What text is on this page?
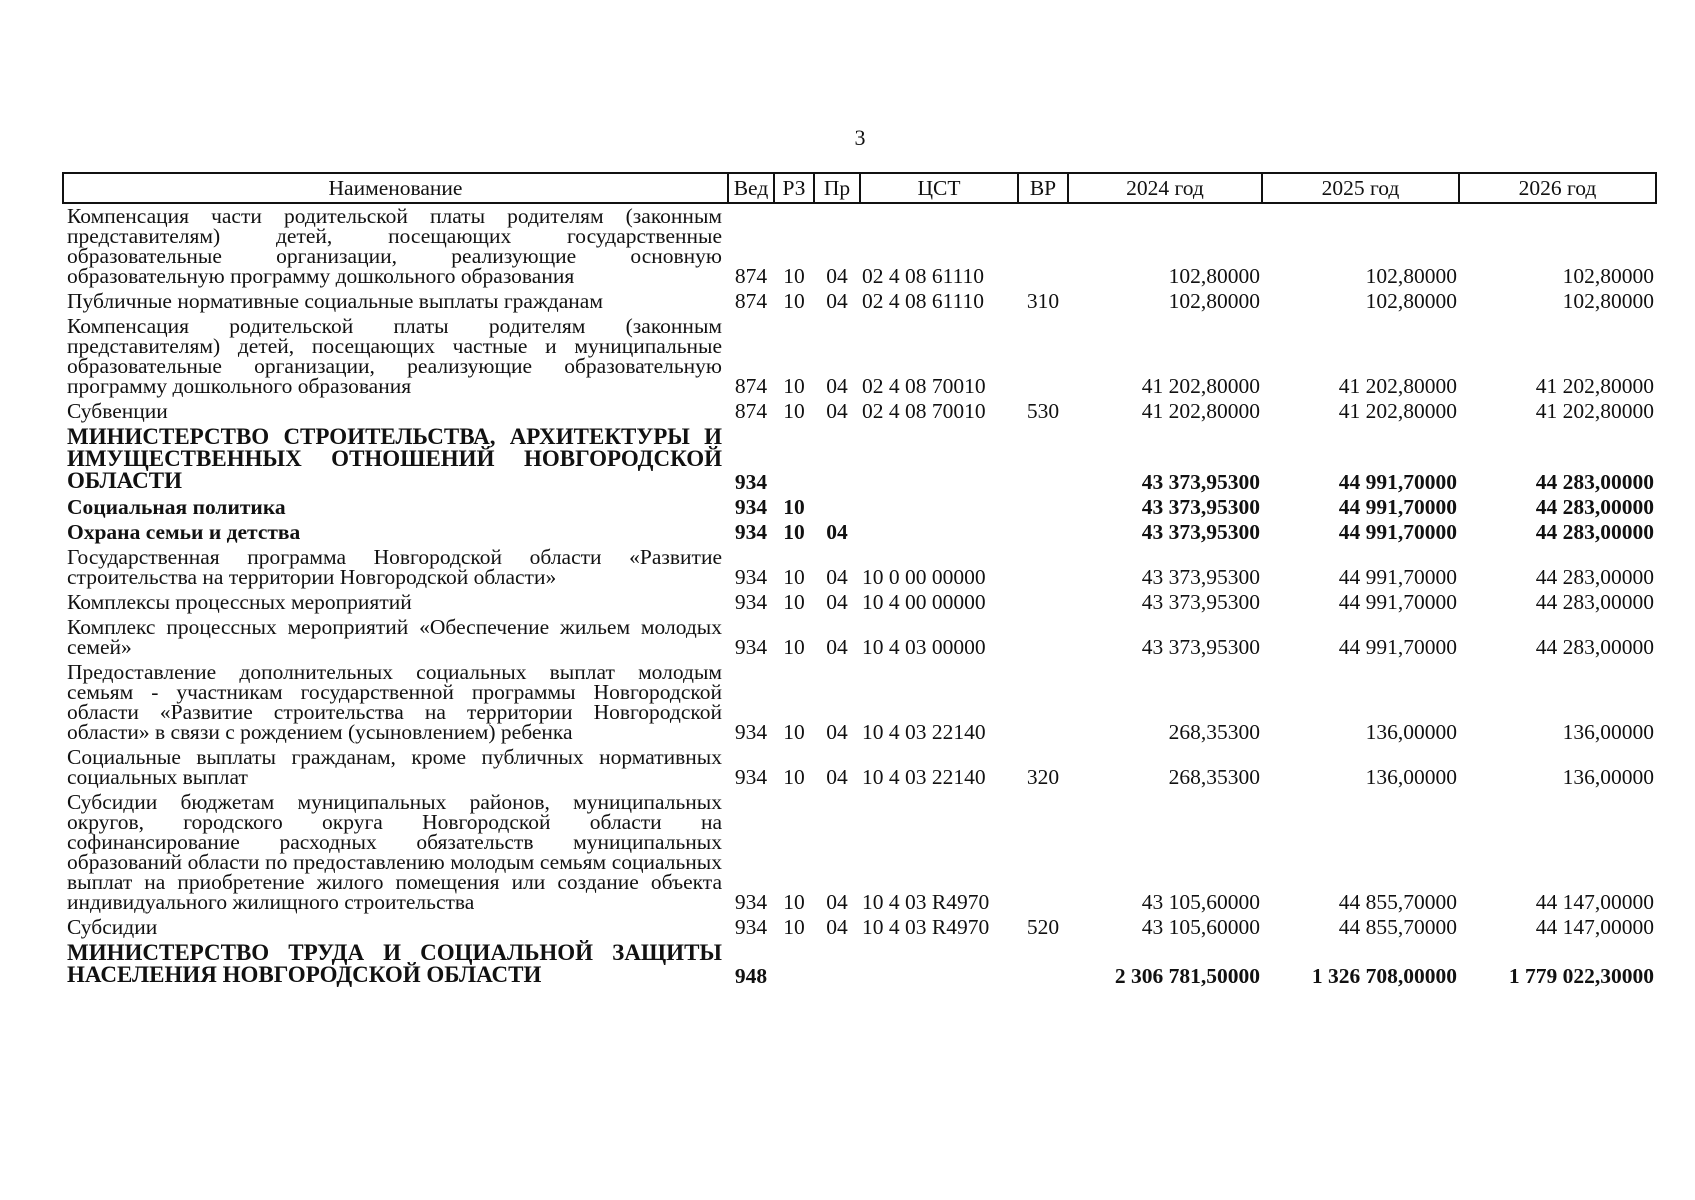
3
Наименование	Вед	РЗ	Пр	ЦСТ	ВР	2024 год	2025 год	2026 год
Компенсация части родительской платы родителям (законным представителям) детей, посещающих государственные образовательные организации, реализующие основную образовательную программу дошкольного образования	874	10	04	02 4 08 61110		102,80000	102,80000	102,80000
Публичные нормативные социальные выплаты гражданам	874	10	04	02 4 08 61110	310	102,80000	102,80000	102,80000
Компенсация родительской платы родителям (законным представителям) детей, посещающих частные и муниципальные образовательные организации, реализующие образовательную программу дошкольного образования	874	10	04	02 4 08 70010		41 202,80000	41 202,80000	41 202,80000
Субвенции	874	10	04	02 4 08 70010	530	41 202,80000	41 202,80000	41 202,80000
МИНИСТЕРСТВО СТРОИТЕЛЬСТВА, АРХИТЕКТУРЫ И ИМУЩЕСТВЕННЫХ ОТНОШЕНИЙ НОВГОРОДСКОЙ ОБЛАСТИ	934					43 373,95300	44 991,70000	44 283,00000
Социальная политика	934	10				43 373,95300	44 991,70000	44 283,00000
Охрана семьи и детства	934	10	04			43 373,95300	44 991,70000	44 283,00000
Государственная программа Новгородской области «Развитие строительства на территории Новгородской области»	934	10	04	10 0 00 00000		43 373,95300	44 991,70000	44 283,00000
Комплексы процессных мероприятий	934	10	04	10 4 00 00000		43 373,95300	44 991,70000	44 283,00000
Комплекс процессных мероприятий «Обеспечение жильем молодых семей»	934	10	04	10 4 03 00000		43 373,95300	44 991,70000	44 283,00000
Предоставление дополнительных социальных выплат молодым семьям - участникам государственной программы Новгородской области «Развитие строительства на территории Новгородской области» в связи с рождением (усыновлением) ребенка	934	10	04	10 4 03 22140		268,35300	136,00000	136,00000
Социальные выплаты гражданам, кроме публичных нормативных социальных выплат	934	10	04	10 4 03 22140	320	268,35300	136,00000	136,00000
Субсидии бюджетам муниципальных районов, муниципальных округов, городского округа Новгородской области на софинансирование расходных обязательств муниципальных образований области по предоставлению молодым семьям социальных выплат на приобретение жилого помещения или создание объекта индивидуального жилищного строительства	934	10	04	10 4 03 R4970		43 105,60000	44 855,70000	44 147,00000
Субсидии	934	10	04	10 4 03 R4970	520	43 105,60000	44 855,70000	44 147,00000
МИНИСТЕРСТВО ТРУДА И СОЦИАЛЬНОЙ ЗАЩИТЫ НАСЕЛЕНИЯ НОВГОРОДСКОЙ ОБЛАСТИ	948					2 306 781,50000	1 326 708,00000	1 779 022,30000
